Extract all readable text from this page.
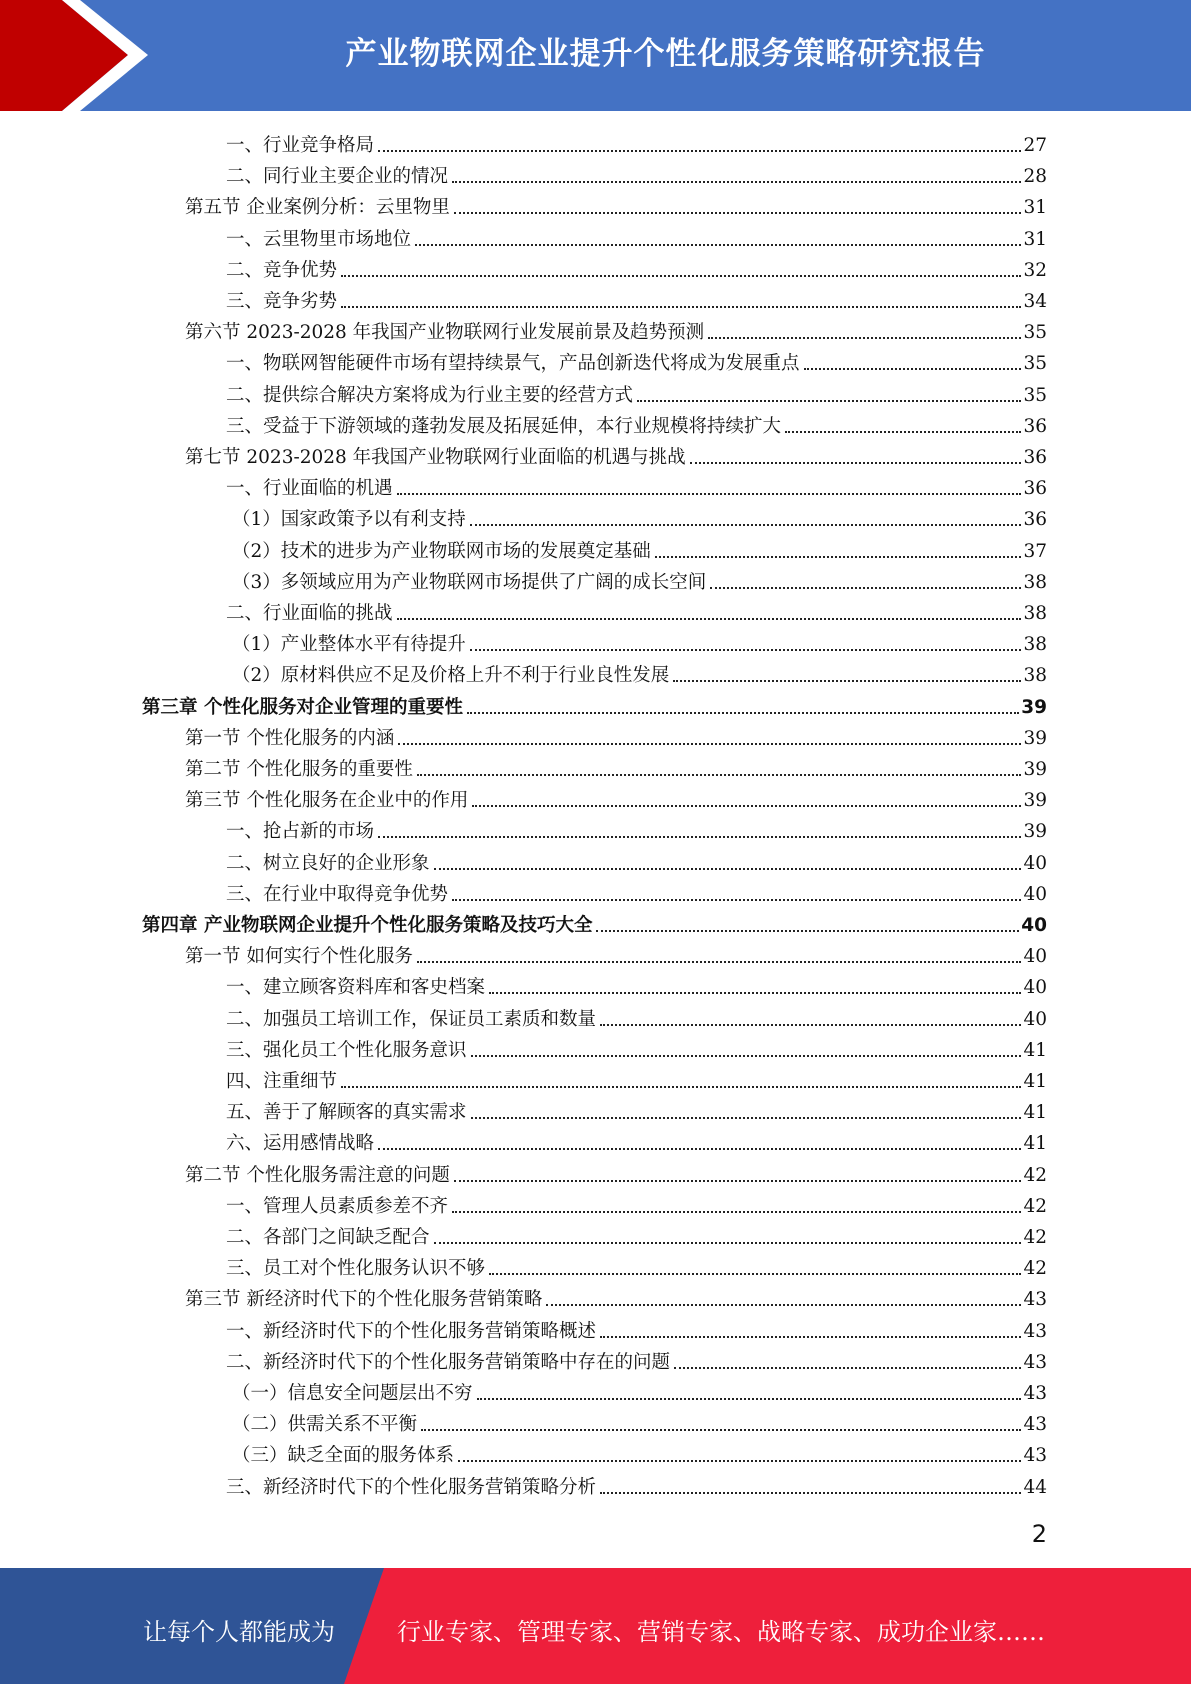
产业物联网企业提升个性化服务策略研究报告
一、行业竞争格局	27
二、同行业主要企业的情况	28
第五节 企业案例分析：云里物里	31
一、云里物里市场地位	31
二、竞争优势	32
三、竞争劣势	34
第六节 2023-2028 年我国产业物联网行业发展前景及趋势预测	35
一、物联网智能硬件市场有望持续景气，产品创新迭代将成为发展重点	35
二、提供综合解决方案将成为行业主要的经营方式	35
三、受益于下游领域的蓬勃发展及拓展延伸，本行业规模将持续扩大	36
第七节 2023-2028 年我国产业物联网行业面临的机遇与挑战	36
一、行业面临的机遇	36
（1）国家政策予以有利支持	36
（2）技术的进步为产业物联网市场的发展奠定基础	37
（3）多领域应用为产业物联网市场提供了广阔的成长空间	38
二、行业面临的挑战	38
（1）产业整体水平有待提升	38
（2）原材料供应不足及价格上升不利于行业良性发展	38
第三章 个性化服务对企业管理的重要性	39
第一节 个性化服务的内涵	39
第二节 个性化服务的重要性	39
第三节 个性化服务在企业中的作用	39
一、抢占新的市场	39
二、树立良好的企业形象	40
三、在行业中取得竞争优势	40
第四章 产业物联网企业提升个性化服务策略及技巧大全	40
第一节 如何实行个性化服务	40
一、建立顾客资料库和客史档案	40
二、加强员工培训工作，保证员工素质和数量	40
三、强化员工个性化服务意识	41
四、注重细节	41
五、善于了解顾客的真实需求	41
六、运用感情战略	41
第二节 个性化服务需注意的问题	42
一、管理人员素质参差不齐	42
二、各部门之间缺乏配合	42
三、员工对个性化服务认识不够	42
第三节 新经济时代下的个性化服务营销策略	43
一、新经济时代下的个性化服务营销策略概述	43
二、新经济时代下的个性化服务营销策略中存在的问题	43
（一）信息安全问题层出不穷	43
（二）供需关系不平衡	43
（三）缺乏全面的服务体系	43
三、新经济时代下的个性化服务营销策略分析	44
2
让每个人都能成为	行业专家、管理专家、营销专家、战略专家、成功企业家……
